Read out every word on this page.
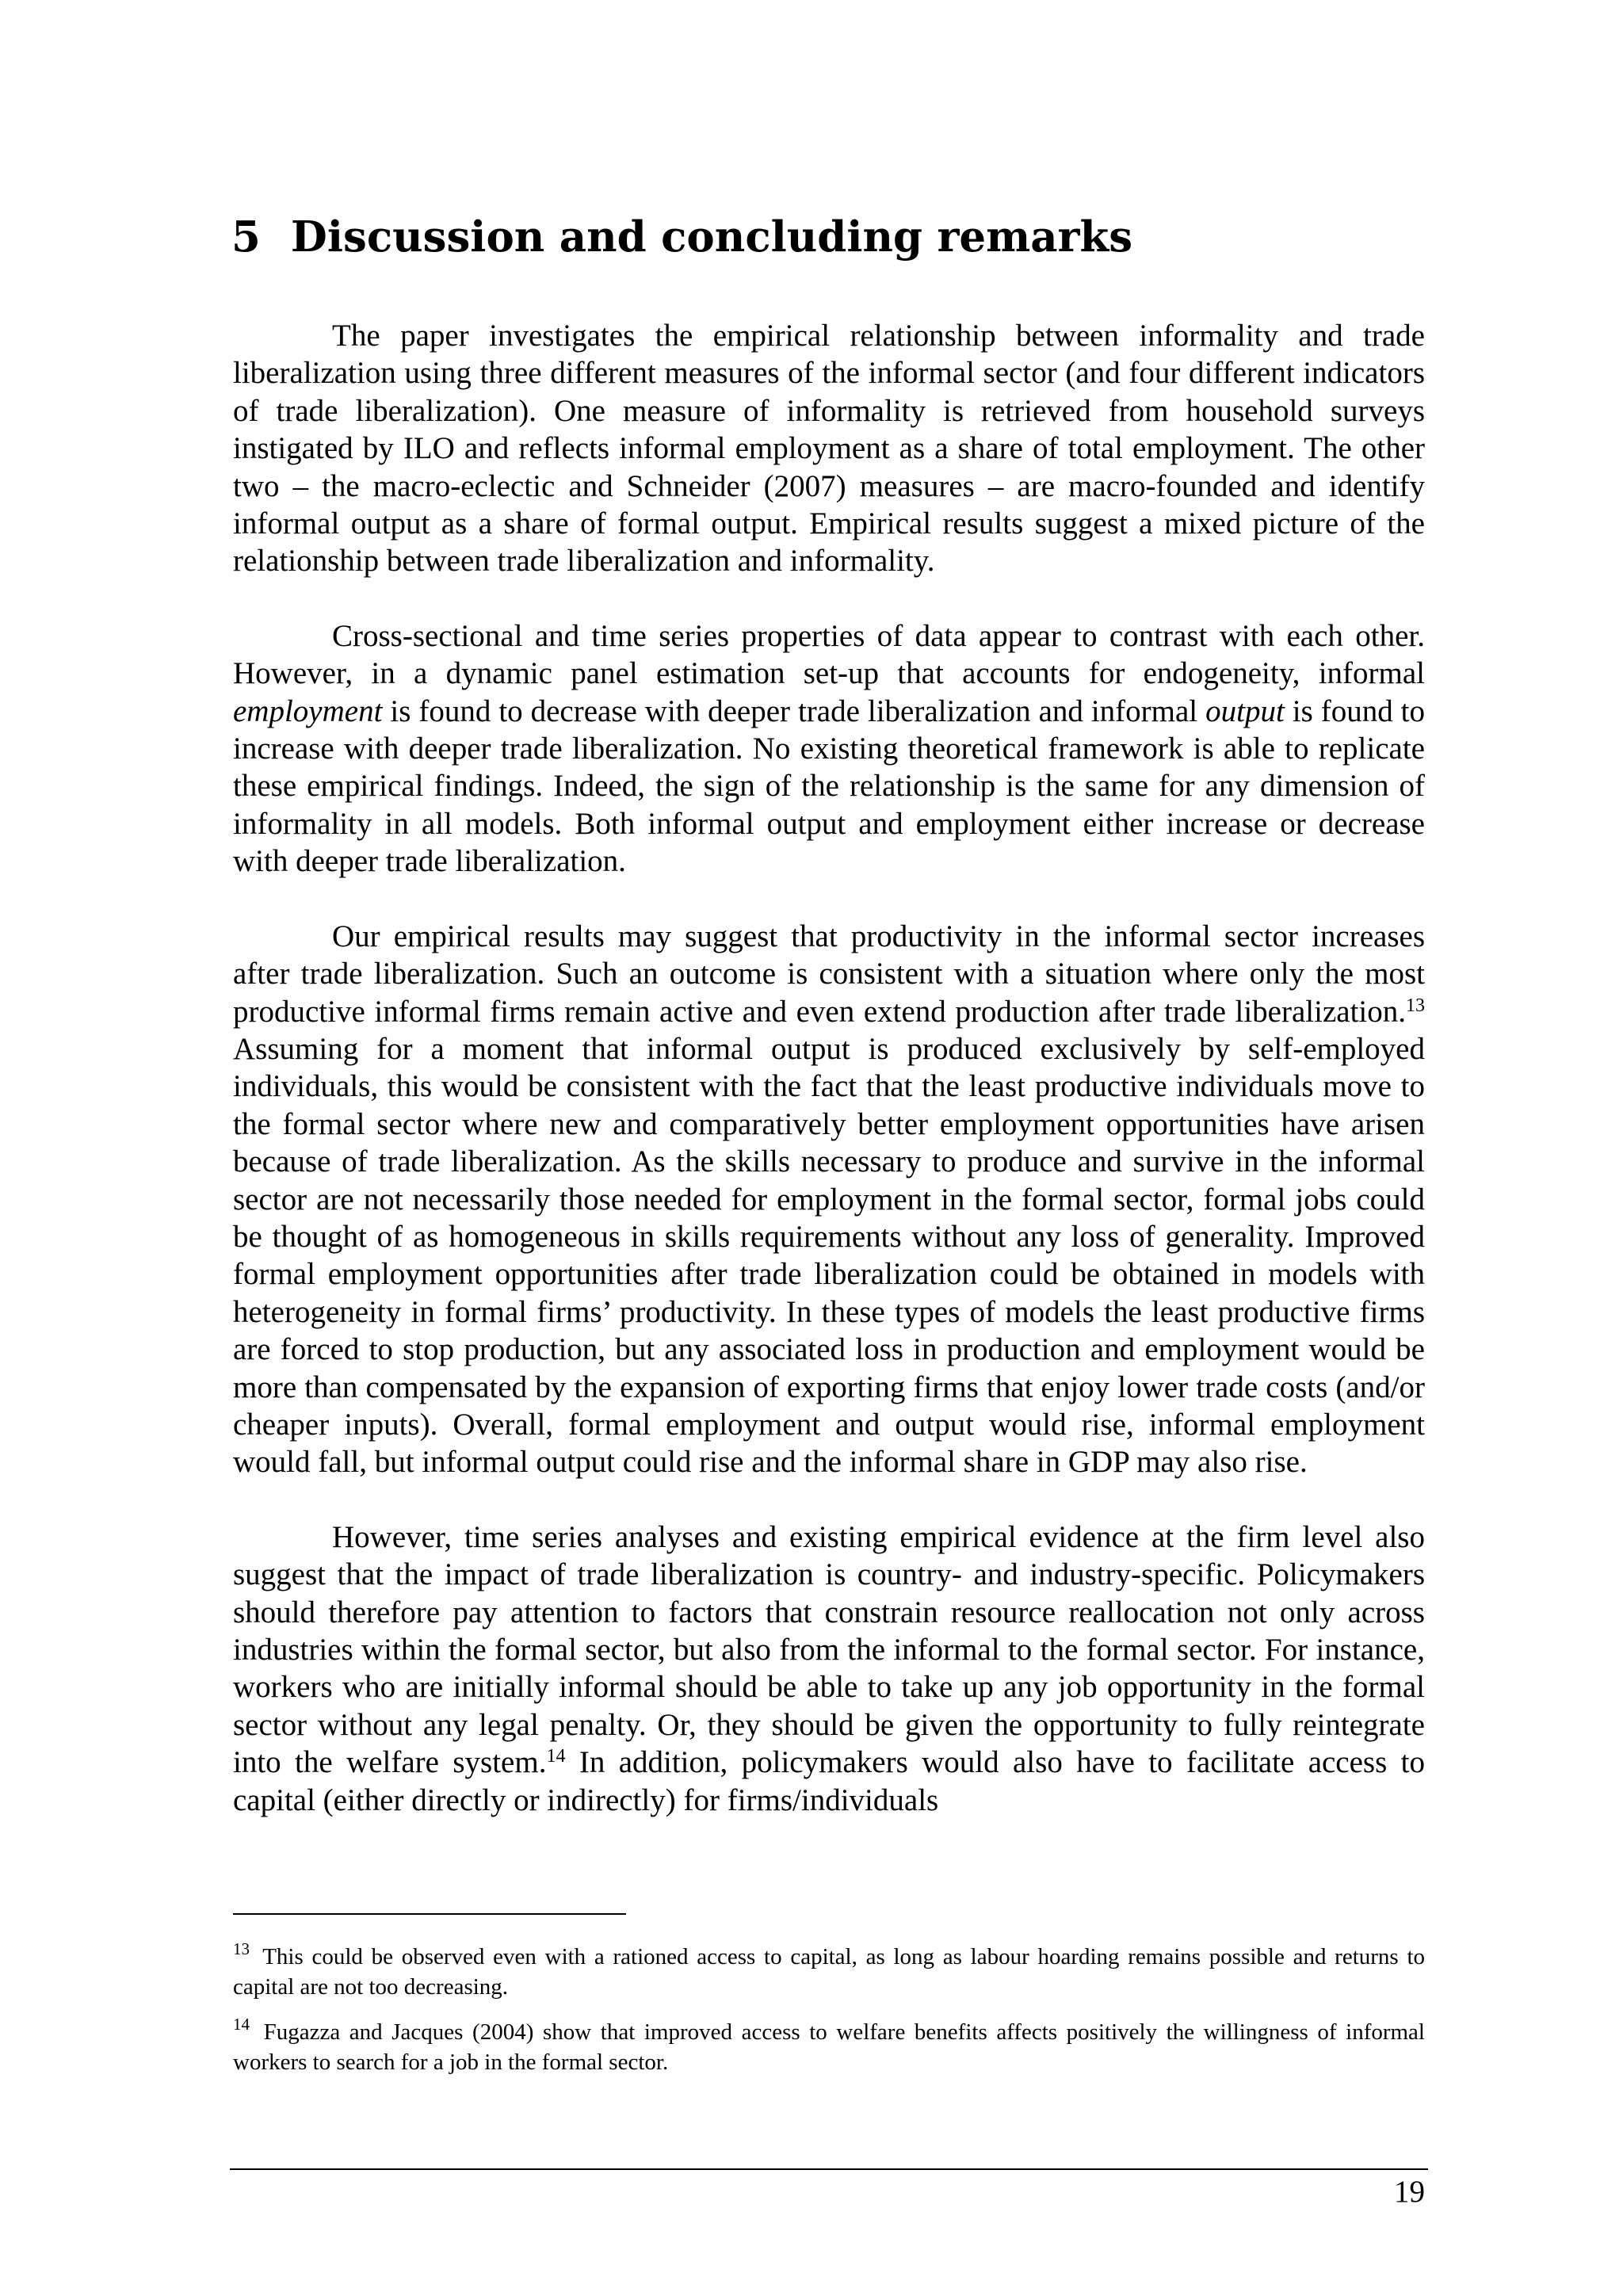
5 Discussion and concluding remarks

The paper investigates the empirical relationship between informality and trade liberalization using three different measures of the informal sector (and four different indicators of trade liberalization). One measure of informality is retrieved from household surveys instigated by ILO and reflects informal employment as a share of total employment. The other two – the macro-eclectic and Schneider (2007) measures – are macro-founded and identify informal output as a share of formal output. Empirical results suggest a mixed picture of the relationship between trade liberalization and informality.

Cross-sectional and time series properties of data appear to contrast with each other. However, in a dynamic panel estimation set-up that accounts for endogeneity, informal employment is found to decrease with deeper trade liberalization and informal output is found to increase with deeper trade liberalization. No existing theoretical framework is able to replicate these empirical findings. Indeed, the sign of the relationship is the same for any dimension of informality in all models. Both informal output and employment either increase or decrease with deeper trade liberalization.

Our empirical results may suggest that productivity in the informal sector increases after trade liberalization. Such an outcome is consistent with a situation where only the most productive informal firms remain active and even extend production after trade liberalization.$^{13}$ Assuming for a moment that informal output is produced exclusively by self-employed individuals, this would be consistent with the fact that the least productive individuals move to the formal sector where new and comparatively better employment opportunities have arisen because of trade liberalization. As the skills necessary to produce and survive in the informal sector are not necessarily those needed for employment in the formal sector, formal jobs could be thought of as homogeneous in skills requirements without any loss of generality. Improved formal employment opportunities after trade liberalization could be obtained in models with heterogeneity in formal firms’ productivity. In these types of models the least productive firms are forced to stop production, but any associated loss in production and employment would be more than compensated by the expansion of exporting firms that enjoy lower trade costs (and/or cheaper inputs). Overall, formal employment and output would rise, informal employment would fall, but informal output could rise and the informal share in GDP may also rise.

However, time series analyses and existing empirical evidence at the firm level also suggest that the impact of trade liberalization is country- and industry-specific. Policymakers should therefore pay attention to factors that constrain resource reallocation not only across industries within the formal sector, but also from the informal to the formal sector. For instance, workers who are initially informal should be able to take up any job opportunity in the formal sector without any legal penalty. Or, they should be given the opportunity to fully reintegrate into the welfare system.$^{14}$ In addition, policymakers would also have to facilitate access to capital (either directly or indirectly) for firms/individuals

$^{13}$ This could be observed even with a rationed access to capital, as long as labour hoarding remains possible and returns to capital are not too decreasing.

$^{14}$ Fugazza and Jacques (2004) show that improved access to welfare benefits affects positively the willingness of informal workers to search for a job in the formal sector.

19
